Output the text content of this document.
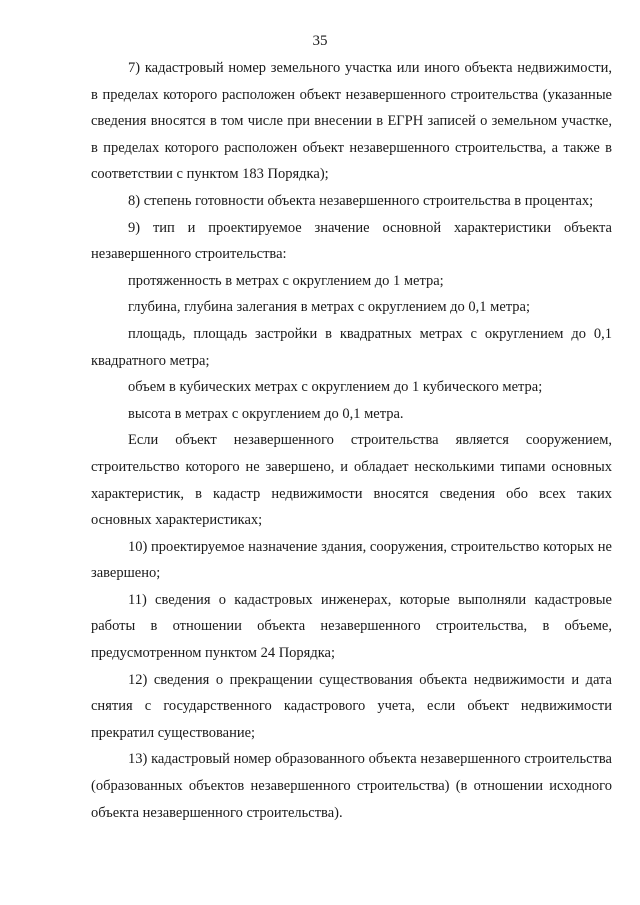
35

7) кадастровый номер земельного участка или иного объекта недвижимости, в пределах которого расположен объект незавершенного строительства (указанные сведения вносятся в том числе при внесении в ЕГРН записей о земельном участке, в пределах которого расположен объект незавершенного строительства, а также в соответствии с пунктом 183 Порядка);

8) степень готовности объекта незавершенного строительства в процентах;

9) тип и проектируемое значение основной характеристики объекта незавершенного строительства:

протяженность в метрах с округлением до 1 метра;

глубина, глубина залегания в метрах с округлением до 0,1 метра;

площадь, площадь застройки в квадратных метрах с округлением до 0,1 квадратного метра;

объем в кубических метрах с округлением до 1 кубического метра;

высота в метрах с округлением до 0,1 метра.

Если объект незавершенного строительства является сооружением, строительство которого не завершено, и обладает несколькими типами основных характеристик, в кадастр недвижимости вносятся сведения обо всех таких основных характеристиках;

10) проектируемое назначение здания, сооружения, строительство которых не завершено;

11) сведения о кадастровых инженерах, которые выполняли кадастровые работы в отношении объекта незавершенного строительства, в объеме, предусмотренном пунктом 24 Порядка;

12) сведения о прекращении существования объекта недвижимости и дата снятия с государственного кадастрового учета, если объект недвижимости прекратил существование;

13) кадастровый номер образованного объекта незавершенного строительства (образованных объектов незавершенного строительства) (в отношении исходного объекта незавершенного строительства).
